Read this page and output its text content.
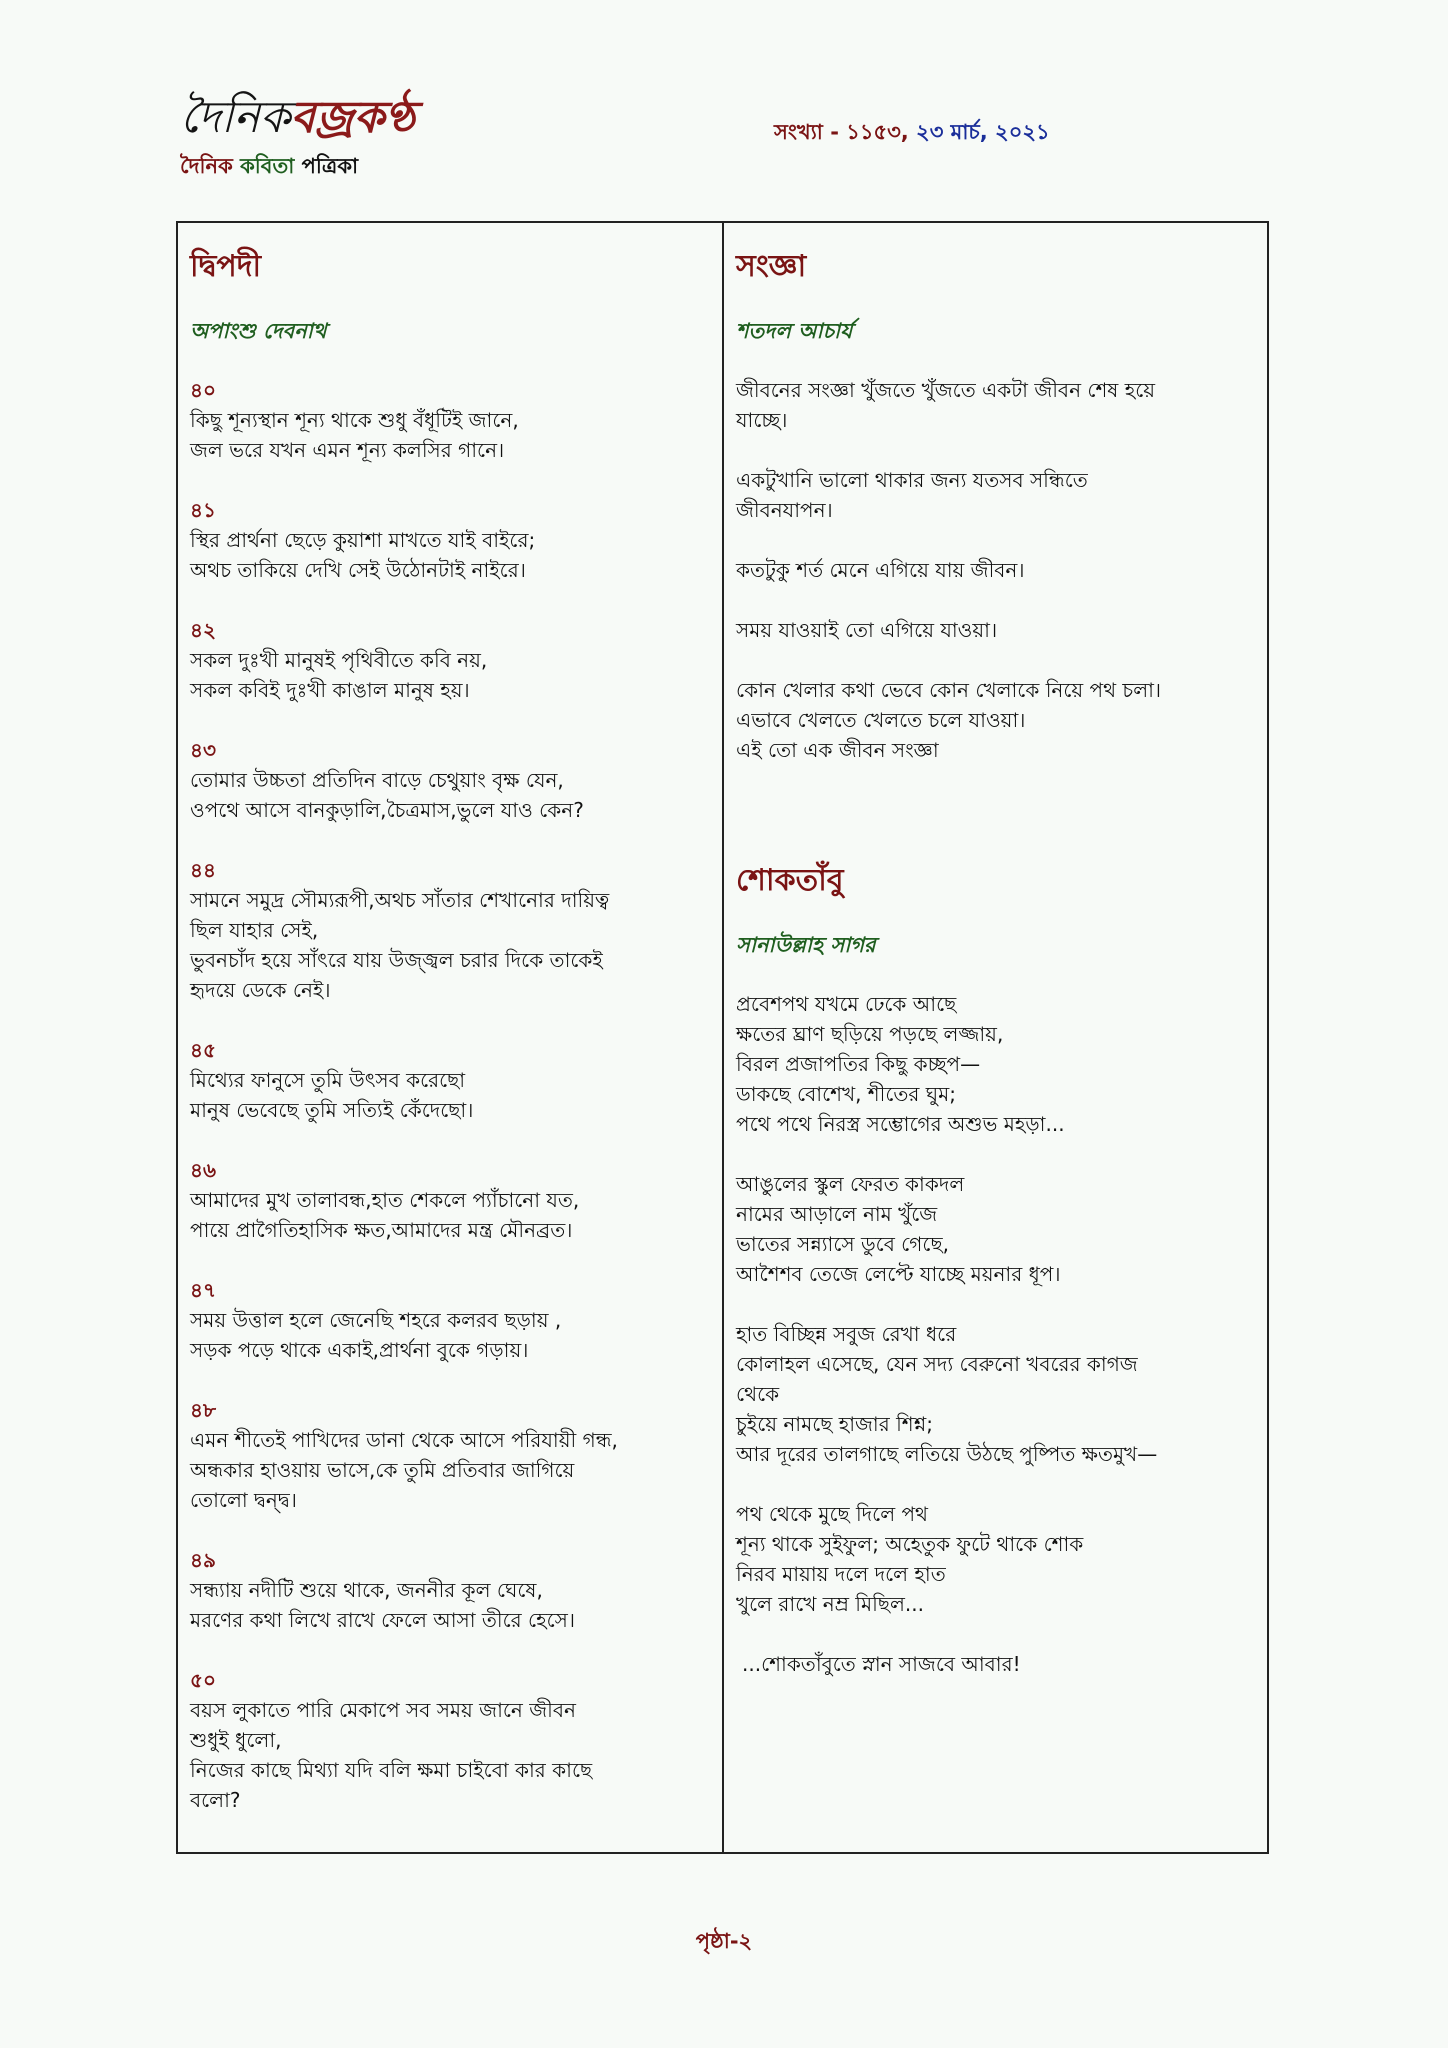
দৈনিকবজ্রকণ্ঠ
দৈনিক কবিতা পত্রিকা
সংখ্যা - ১১৫৩, ২৩ মার্চ, ২০২১
দ্বিপদী
অপাংশু দেবনাথ
৪০
কিছু শূন্যস্থান শূন্য থাকে শুধু বঁধূটিই জানে,
জল ভরে যখন এমন শূন্য কলসির গানে।
৪১
স্থির প্রার্থনা ছেড়ে কুয়াশা মাখতে যাই বাইরে;
অথচ তাকিয়ে দেখি সেই উঠোনটাই নাইরে।
৪২
সকল দুঃখী মানুষই পৃথিবীতে কবি নয়,
সকল কবিই দুঃখী কাঙাল মানুষ হয়।
৪৩
তোমার উচ্চতা প্রতিদিন বাড়ে চেথুয়াং বৃক্ষ যেন,
ওপথে আসে বানকুড়ালি,চৈত্রমাস,ভুলে যাও কেন?
৪৪
সামনে সমুদ্র সৌম্যরূপী,অথচ সাঁতার শেখানোর দায়িত্ব
ছিল যাহার সেই,
ভুবনচাঁদ হয়ে সাঁৎরে যায় উজ্জ্বল চরার দিকে তাকেই
হৃদয়ে ডেকে নেই।
৪৫
মিথ্যের ফানুসে তুমি উৎসব করেছো
মানুষ ভেবেছে তুমি সত্যিই কেঁদেছো।
৪৬
আমাদের মুখ তালাবন্ধ,হাত শেকলে প্যাঁচানো যত,
পায়ে প্রাগৈতিহাসিক ক্ষত,আমাদের মন্ত্র মৌনব্রত।
৪৭
সময় উত্তাল হলে জেনেছি শহরে কলরব ছড়ায় ,
সড়ক পড়ে থাকে একাই,প্রার্থনা বুকে গড়ায়।
৪৮
এমন শীতেই পাখিদের ডানা থেকে আসে পরিযায়ী গন্ধ,
অন্ধকার হাওয়ায় ভাসে,কে তুমি প্রতিবার জাগিয়ে
তোলো দ্বন্দ্ব।
৪৯
সন্ধ্যায় নদীটি শুয়ে থাকে, জননীর কূল ঘেষে,
মরণের কথা লিখে রাখে ফেলে আসা তীরে হেসে।
৫০
বয়স লুকাতে পারি মেকাপে সব সময় জানে জীবন
শুধুই ধুলো,
নিজের কাছে মিথ্যা যদি বলি ক্ষমা চাইবো কার কাছে
বলো?
সংজ্ঞা
শতদল আচার্য
জীবনের সংজ্ঞা খুঁজতে খুঁজতে একটা জীবন শেষ হয়ে
যাচ্ছে।
একটুখানি ভালো থাকার জন্য যতসব সন্ধিতে
জীবনযাপন।
কতটুকু শর্ত মেনে এগিয়ে যায় জীবন।
সময় যাওয়াই তো এগিয়ে যাওয়া।
কোন খেলার কথা ভেবে কোন খেলাকে নিয়ে পথ চলা।
এভাবে খেলতে খেলতে চলে যাওয়া।
এই তো এক জীবন সংজ্ঞা
শোকতাঁবু
সানাউল্লাহ সাগর
প্রবেশপথ যখমে ঢেকে আছে
ক্ষতের ঘ্রাণ ছড়িয়ে পড়ছে লজ্জায়,
বিরল প্রজাপতির কিছু কচ্ছপ—
ডাকছে বোশেখ, শীতের ঘুম;
পথে পথে নিরস্ত্র সম্ভোগের অশুভ মহড়া...
আঙুলের স্কুল ফেরত কাকদল
নামের আড়ালে নাম খুঁজে
ভাতের সন্ন্যাসে ডুবে গেছে,
আশৈশব তেজে লেপ্টে যাচ্ছে ময়নার ধূপ।
হাত বিচ্ছিন্ন সবুজ রেখা ধরে
কোলাহল এসেছে, যেন সদ্য বেরুনো খবরের কাগজ
থেকে
চুইয়ে নামছে হাজার শিশ্ন;
আর দূরের তালগাছে লতিয়ে উঠছে পুষ্পিত ক্ষতমুখ—
পথ থেকে মুছে দিলে পথ
শূন্য থাকে সুইফুল; অহেতুক ফুটে থাকে শোক
নিরব মায়ায় দলে দলে হাত
খুলে রাখে নম্র মিছিল...
...শোকতাঁবুতে স্নান সাজবে আবার!
পৃষ্ঠা-২
